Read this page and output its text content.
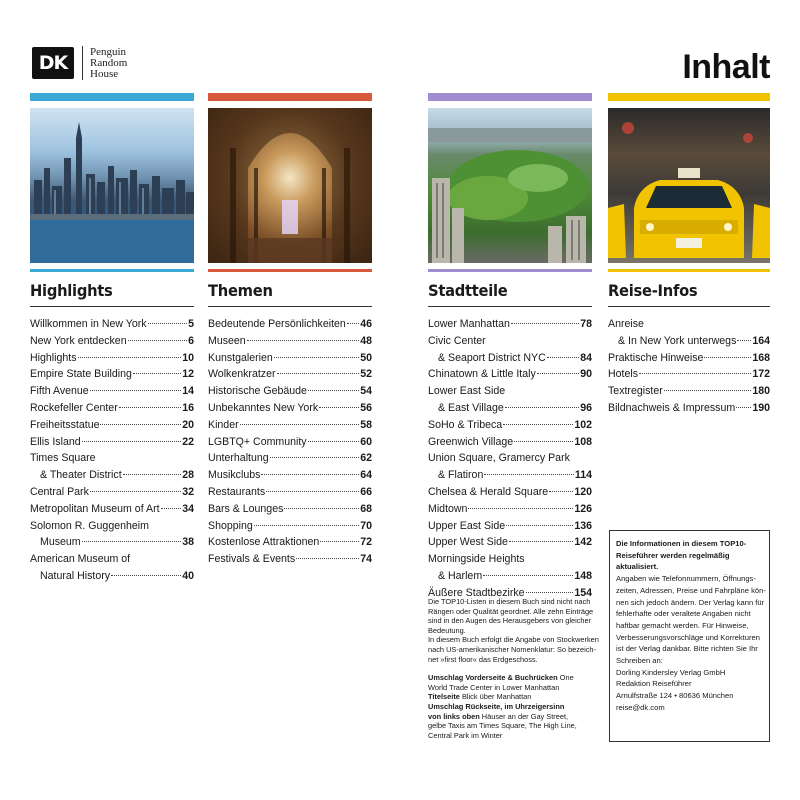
DK
Penguin
Random
House	Inhalt
Highlights
Willkommen in New York	5
New York entdecken	6
Highlights	10
Empire State Building	12
Fifth Avenue	14
Rockefeller Center	16
Freiheitsstatue	20
Ellis Island	22
Times Square
& Theater District	28
Central Park	32
Metropolitan Museum of Art 34
Solomon R. Guggenheim
Museum	38
American Museum of
Natural History	40
Themen
Bedeutende Persönlichkeiten 46
Museen	48
Kunstgalerien	50
Wolkenkratzer	52
Historische Gebäude	54
Unbekanntes New York	56
Kinder	58
LGBTQ+ Community	60
Unterhaltung	62
Musikclubs	64
Restaurants	66
Bars & Lounges	68
Shopping	70
Kostenlose Attraktionen	72
Festivals & Events	74
Stadtteile
Lower Manhattan	78
Civic Center
& Seaport District NYC	84
Chinatown & Little Italy	90
Lower East Side
& East Village	96
SoHo & Tribeca	102
Greenwich Village	108
Union Square, Gramercy Park
& Flatiron	114
Chelsea & Herald Square 120
Midtown	126
Upper East Side	136
Upper West Side	142
Morningside Heights
& Harlem	148
Äußere Stadtbezirke	154
Reise-Infos
Anreise
& In New York unterwegs 164
Praktische Hinweise	168
Hotels	172
Textregister	180
Bildnachweis & Impressum 190
Die TOP10-Listen in diesem Buch sind nicht nach
Rängen oder Qualität geordnet. Alle zehn Einträge
sind in den Augen des Herausgebers von gleicher
Bedeutung.
In diesem Buch erfolgt die Angabe von Stockwerken
nach US-amerikanischer Nomenklatur: So bezeich-
net »first floor« das Erdgeschoss.
Umschlag Vorderseite & Buchrücken One
World Trade Center in Lower Manhattan
Titelseite Blick über Manhattan
Umschlag Rückseite, im Uhrzeigersinn
von links oben Häuser an der Gay Street,
gelbe Taxis am Times Square, The High Line,
Central Park im Winter
Die Informationen in diesem TOP10-
Reiseführer werden regelmäßig
aktualisiert.
Angaben wie Telefonnummern, Öffnungs-
zeiten, Adressen, Preise und Fahrpläne kön-
nen sich jedoch ändern. Der Verlag kann für
fehlerhafte oder veraltete Angaben nicht
haftbar gemacht werden. Für Hinweise,
Verbesserungsvorschläge und Korrekturen
ist der Verlag dankbar. Bitte richten Sie Ihr
Schreiben an:
Dorling Kindersley Verlag GmbH
Redaktion Reiseführer
Arnulfstraße 124 • 80636 München
reise@dk.com
